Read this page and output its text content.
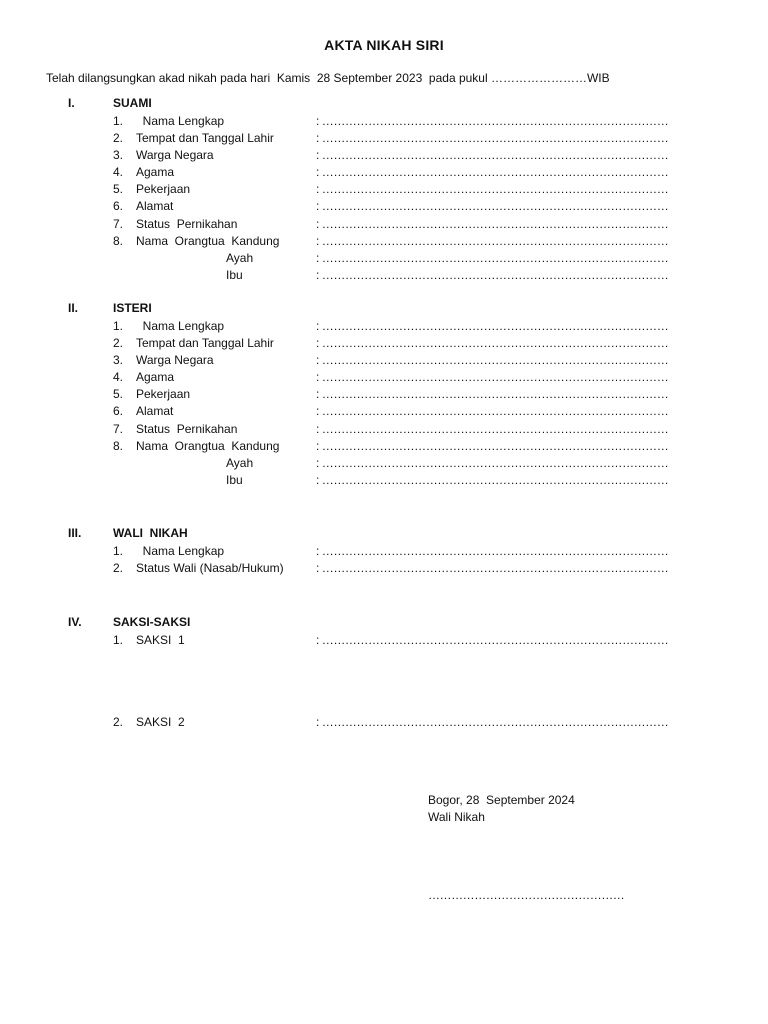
AKTA NIKAH SIRI
Telah dilangsungkan akad nikah pada hari  Kamis  28 September 2023  pada pukul ……………………WIB
I.	SUAMI
1. Nama Lengkap	: ………………………………………………………………………………
2. Tempat dan Tanggal Lahir	: ………………………………………………………………………………
3. Warga Negara	: ………………………………………………………………………………
4. Agama	: ………………………………………………………………………………
5. Pekerjaan	: ………………………………………………………………………………
6. Alamat	: ………………………………………………………………………………
7. Status  Pernikahan	: ………………………………………………………………………………
8. Nama  Orangtua  Kandung	: ………………………………………………………………………………
Ayah	: ………………………………………………………………………………
Ibu	: ………………………………………………………………………………
II.	ISTERI
1. Nama Lengkap	: ………………………………………………………………………………
2. Tempat dan Tanggal Lahir	: ………………………………………………………………………………
3. Warga Negara	: ………………………………………………………………………………
4. Agama	: ………………………………………………………………………………
5. Pekerjaan	: ………………………………………………………………………………
6. Alamat	: ………………………………………………………………………………
7. Status  Pernikahan	: ………………………………………………………………………………
8. Nama  Orangtua  Kandung	: ………………………………………………………………………………
Ayah	: ………………………………………………………………………………
Ibu	: ………………………………………………………………………………
III.	WALI  NIKAH
1. Nama Lengkap	: ………………………………………………………………………………
2. Status Wali (Nasab/Hukum)	: ………………………………………………………………………………
IV.	SAKSI-SAKSI
1. SAKSI  1	: ………………………………………………………………………………
2. SAKSI  2	: ………………………………………………………………………………
Bogor, 28  September 2024
Wali Nikah
……………………………………………
